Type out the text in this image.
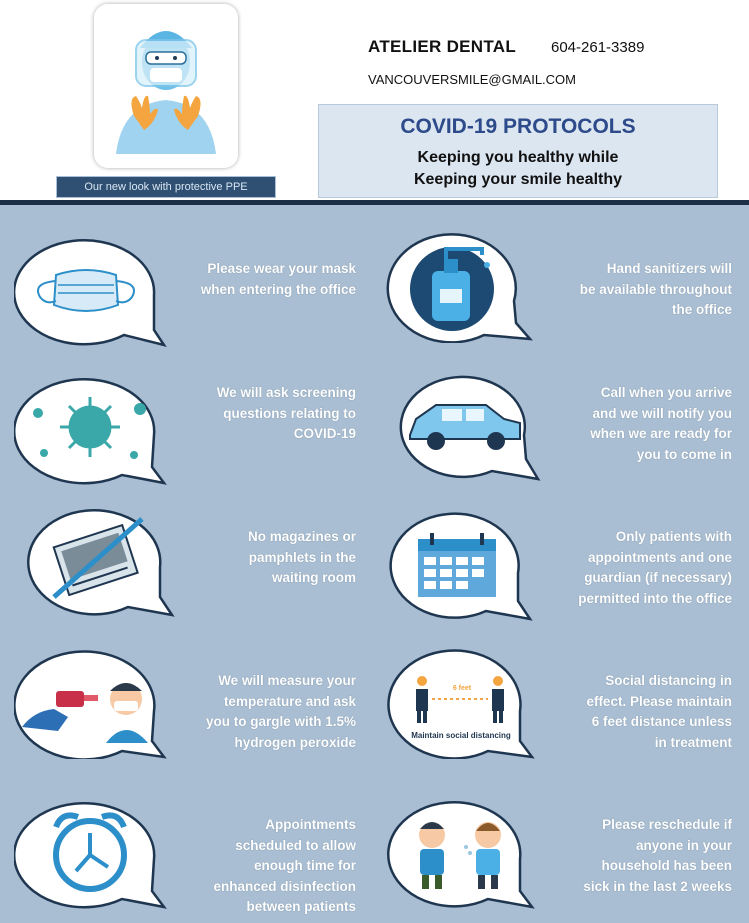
Our new look with protective PPE
ATELIER DENTAL 604-261-3389
VANCOUVERSMILE@GMAIL.COM
COVID-19 PROTOCOLS
Keeping you healthy while
Keeping your smile healthy
Please wear your mask
when entering the office
Hand sanitizers will
be available throughout
the office
We will ask screening
questions relating to
COVID-19
Call when you arrive
and we will notify you
when we are ready for
you to come in
No magazines or
pamphlets in the
waiting room
Only patients with
appointments and one
guardian (if necessary)
permitted into the office
We will measure your
temperature and ask
you to gargle with 1.5%
hydrogen peroxide
6 feet
Maintain social distancing
Social distancing in
effect. Please maintain
6 feet distance unless
in treatment
Appointments
scheduled to allow
enough time for
enhanced disinfection
between patients
Please reschedule if
anyone in your
household has been
sick in the last 2 weeks
